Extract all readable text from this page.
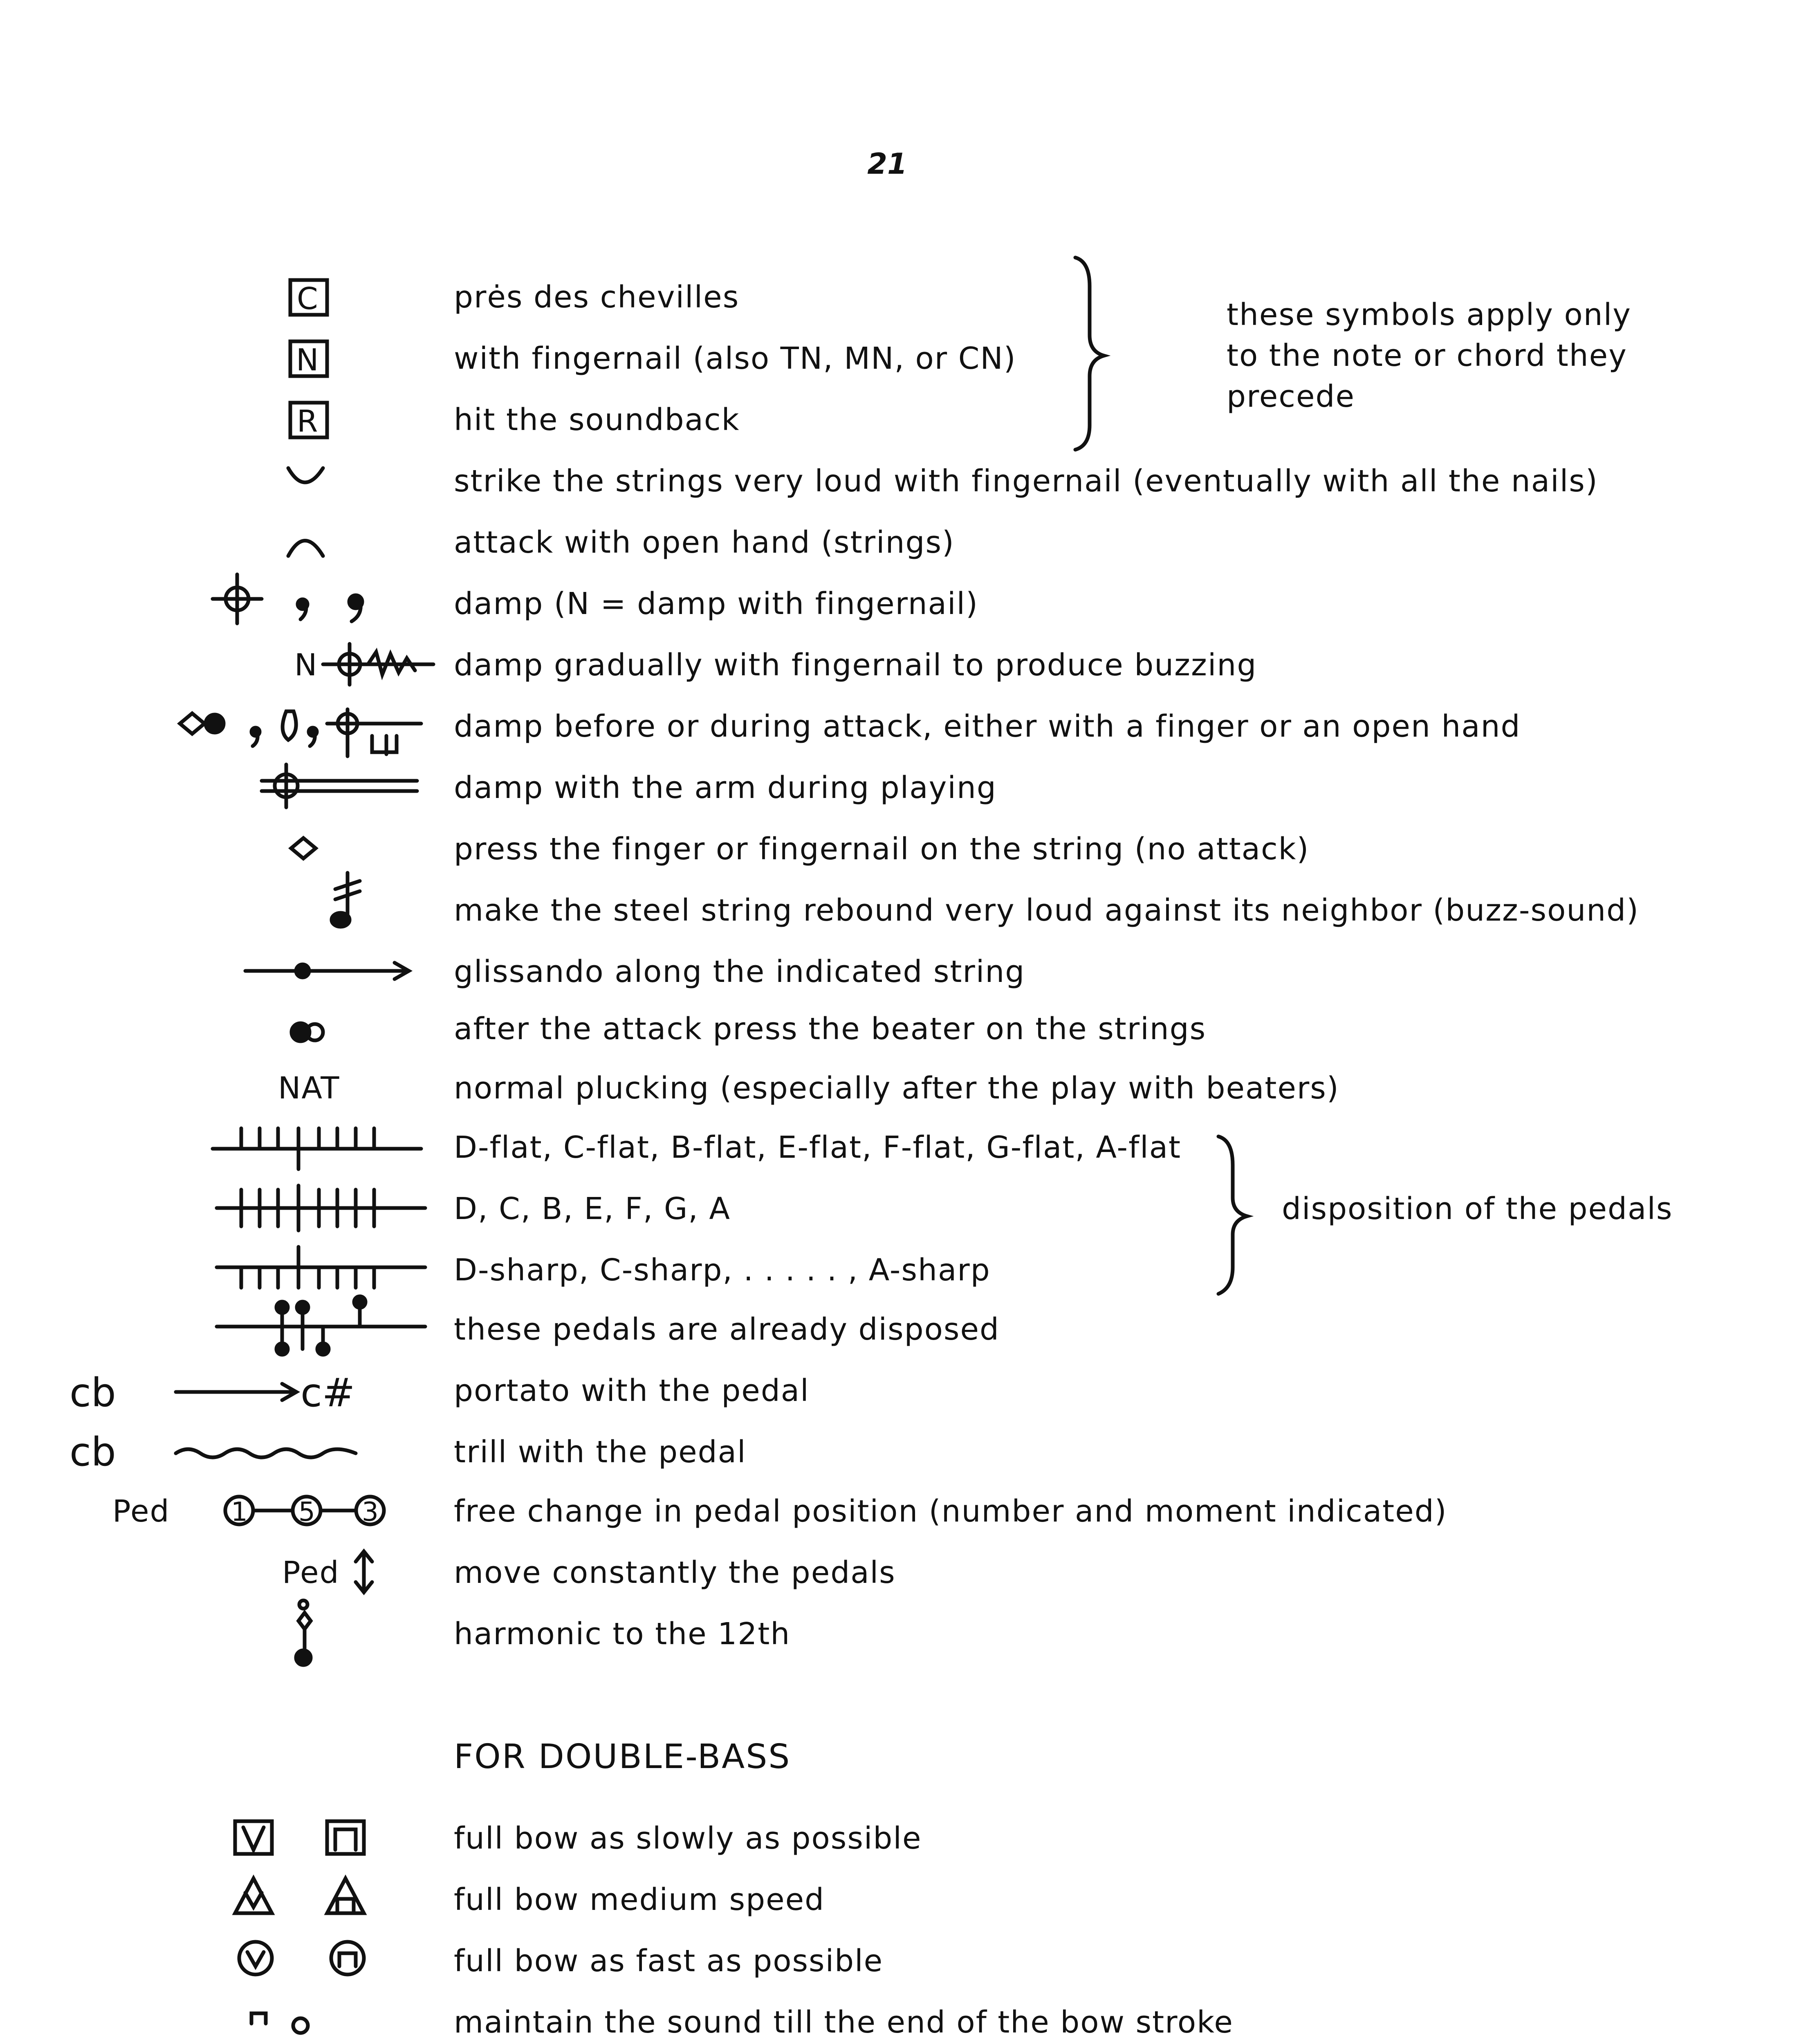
21
prės des chevilles
with fingernail (also TN, MN, or CN)
hit the soundback
strike the strings very loud with fingernail (eventually with all the nails)
attack with open hand (strings)
damp (N = damp with fingernail)
damp gradually with fingernail to produce buzzing
damp before or during attack, either with a finger or an open hand
damp with the arm during playing
press the finger or fingernail on the string (no attack)
make the steel string rebound very loud against its neighbor (buzz-sound)
glissando along the indicated string
after the attack press the beater on the strings
normal plucking (especially after the play with beaters)
D-flat, C-flat, B-flat, E-flat, F-flat, G-flat, A-flat
D, C, B, E, F, G, A
D-sharp, C-sharp, . . . . . , A-sharp
these pedals are already disposed
portato with the pedal
trill with the pedal
free change in pedal position (number and moment indicated)
move constantly the pedals
harmonic to the 12th
these symbols apply only
to the note or chord they
precede
disposition of the pedals
N
NAT
Ped
Ped
FOR DOUBLE-BASS
full bow as slowly as possible
full bow medium speed
full bow as fast as possible
maintain the sound till the end of the bow stroke
C
N
R
cb	c#
cb
1 5 3
